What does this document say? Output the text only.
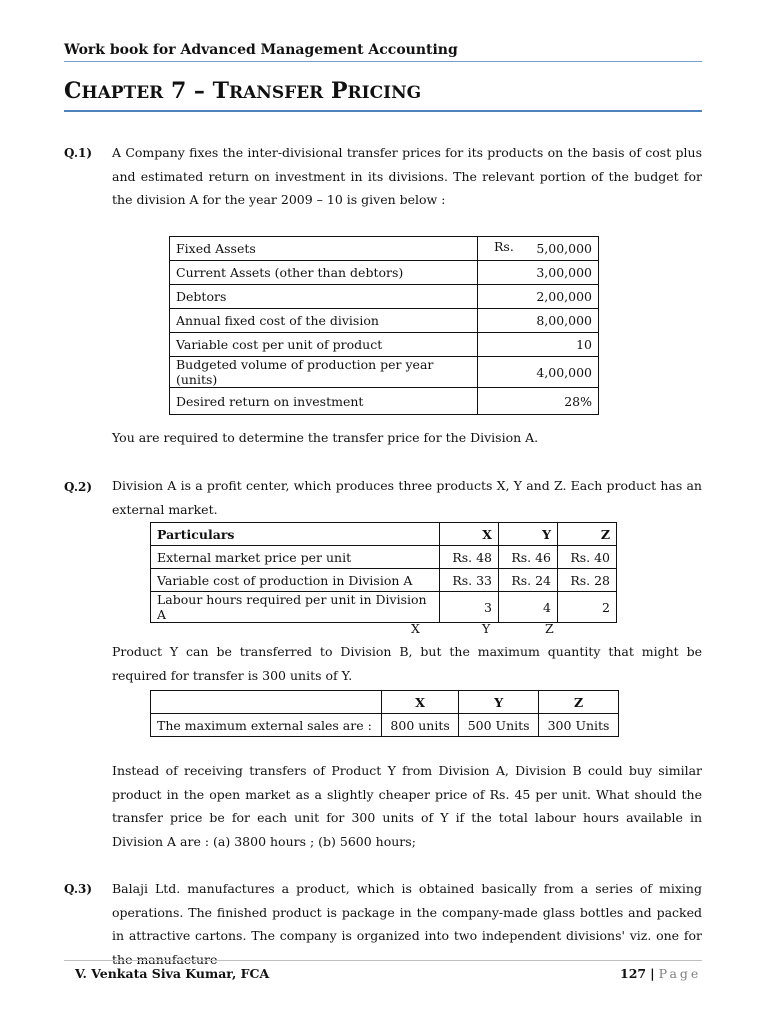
Work book for Advanced Management Accounting
CHAPTER 7 – TRANSFER PRICING
Q.1) A Company fixes the inter-divisional transfer prices for its products on the basis of cost plus and estimated return on investment in its divisions. The relevant portion of the budget for the division A for the year 2009 – 10 is given below :
Fixed Assets	Rs. 5,00,000

Current Assets (other than debtors)	3,00,000
Debtors	2,00,000
Annual fixed cost of the division	8,00,000
Variable cost per unit of product	10
Budgeted volume of production per year (units)	4,00,000
Desired return on investment	28%
You are required to determine the transfer price for the Division A.
Q.2) Division A is a profit center, which produces three products X, Y and Z. Each product has an external market.
Particulars	X	Y	Z
External market price per unit	Rs. 48	Rs. 46	Rs. 40
Variable cost of production in Division A	Rs. 33	Rs. 24	Rs. 28
Labour hours required per unit in Division A	3	4	2
X	Y	Z
Product Y can be transferred to Division B, but the maximum quantity that might be required for transfer is 300 units of Y.
	X	Y	Z
The maximum external sales are :	800 units	500 Units	300 Units
Instead of receiving transfers of Product Y from Division A, Division B could buy similar product in the open market as a slightly cheaper price of Rs. 45 per unit. What should the transfer price be for each unit for 300 units of Y if the total labour hours available in Division A are : (a) 3800 hours ; (b) 5600 hours;
Q.3) Balaji Ltd. manufactures a product, which is obtained basically from a series of mixing operations. The finished product is package in the company-made glass bottles and packed in attractive cartons. The company is organized into two independent divisions' viz. one for the manufacture
V. Venkata Siva Kumar, FCA	127 | Page
